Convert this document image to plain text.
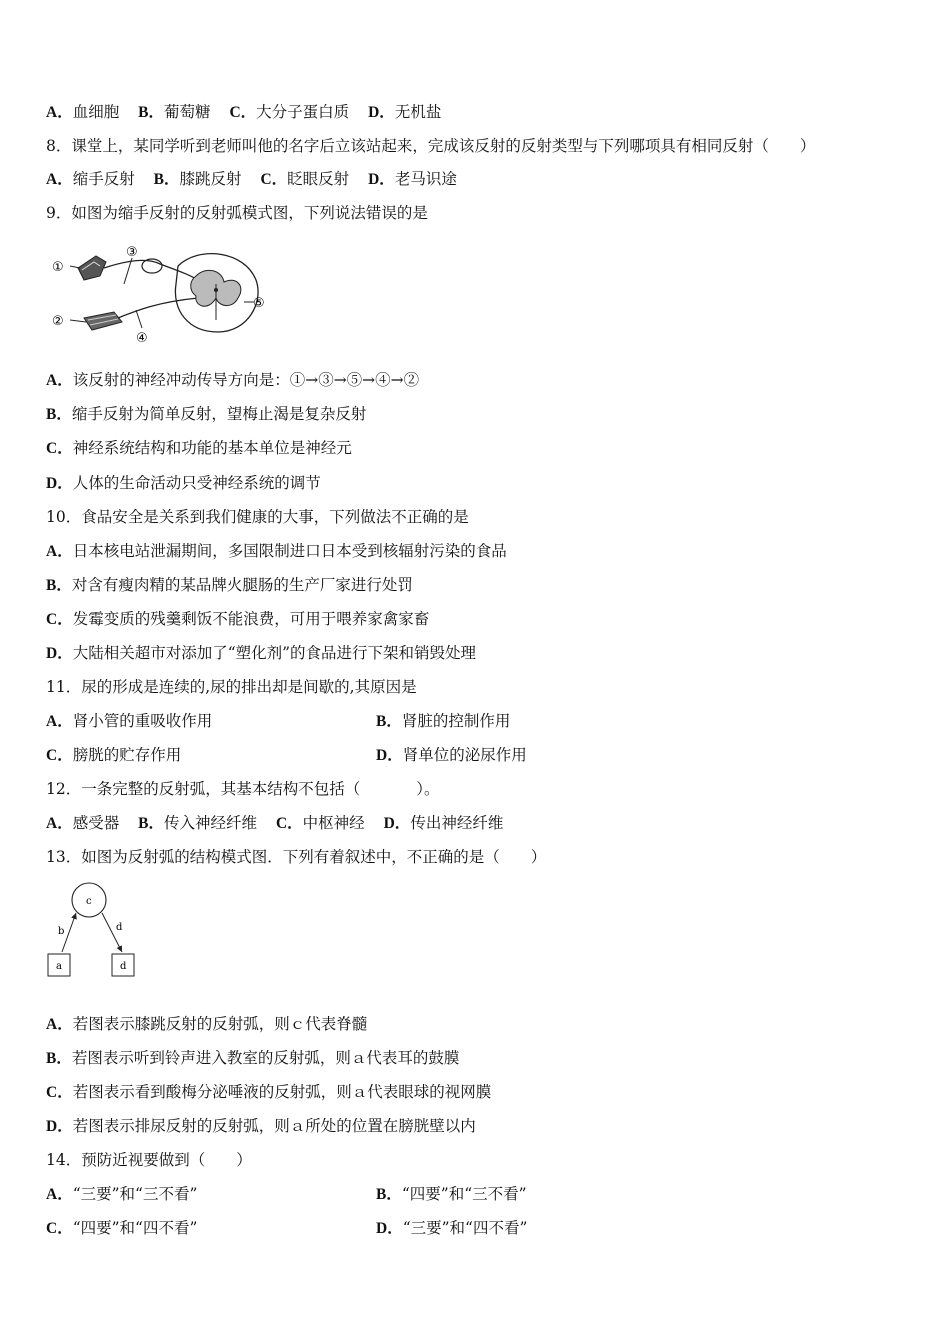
A．血细胞 B．葡萄糖 C．大分子蛋白质 D．无机盐
8．课堂上，某同学听到老师叫他的名字后立该站起来，完成该反射的反射类型与下列哪项具有相同反射（　　）
A．缩手反射 B．膝跳反射 C．眨眼反射 D．老马识途
9．如图为缩手反射的反射弧模式图，下列说法错误的是
①
②
③
④
⑤
A．该反射的神经冲动传导方向是：①→③→⑤→④→②
B．缩手反射为简单反射，望梅止渴是复杂反射
C．神经系统结构和功能的基本单位是神经元
D．人体的生命活动只受神经系统的调节
10．食品安全是关系到我们健康的大事，下列做法不正确的是
A．日本核电站泄漏期间，多国限制进口日本受到核辐射污染的食品
B．对含有瘦肉精的某品牌火腿肠的生产厂家进行处罚
C．发霉变质的残羹剩饭不能浪费，可用于喂养家禽家畜
D．大陆相关超市对添加了“塑化剂”的食品进行下架和销毁处理
11．尿的形成是连续的,尿的排出却是间歇的,其原因是
A．肾小管的重吸收作用	B．肾脏的控制作用
C．膀胱的贮存作用	D．肾单位的泌尿作用
12．一条完整的反射弧，其基本结构不包括（	）。
A．感受器 B．传入神经纤维 C．中枢神经 D．传出神经纤维
13．如图为反射弧的结构模式图．下列有着叙述中，不正确的是（　　）
c
b	d
a	d
A．若图表示膝跳反射的反射弧，则ｃ代表脊髓
B．若图表示听到铃声进入教室的反射弧，则ａ代表耳的鼓膜
C．若图表示看到酸梅分泌唾液的反射弧，则ａ代表眼球的视网膜
D．若图表示排尿反射的反射弧，则ａ所处的位置在膀胱壁以内
14．预防近视要做到（　　）
A．“三要”和“三不看”	B．“四要”和“三不看”
C．“四要”和“四不看”	D．“三要”和“四不看”
